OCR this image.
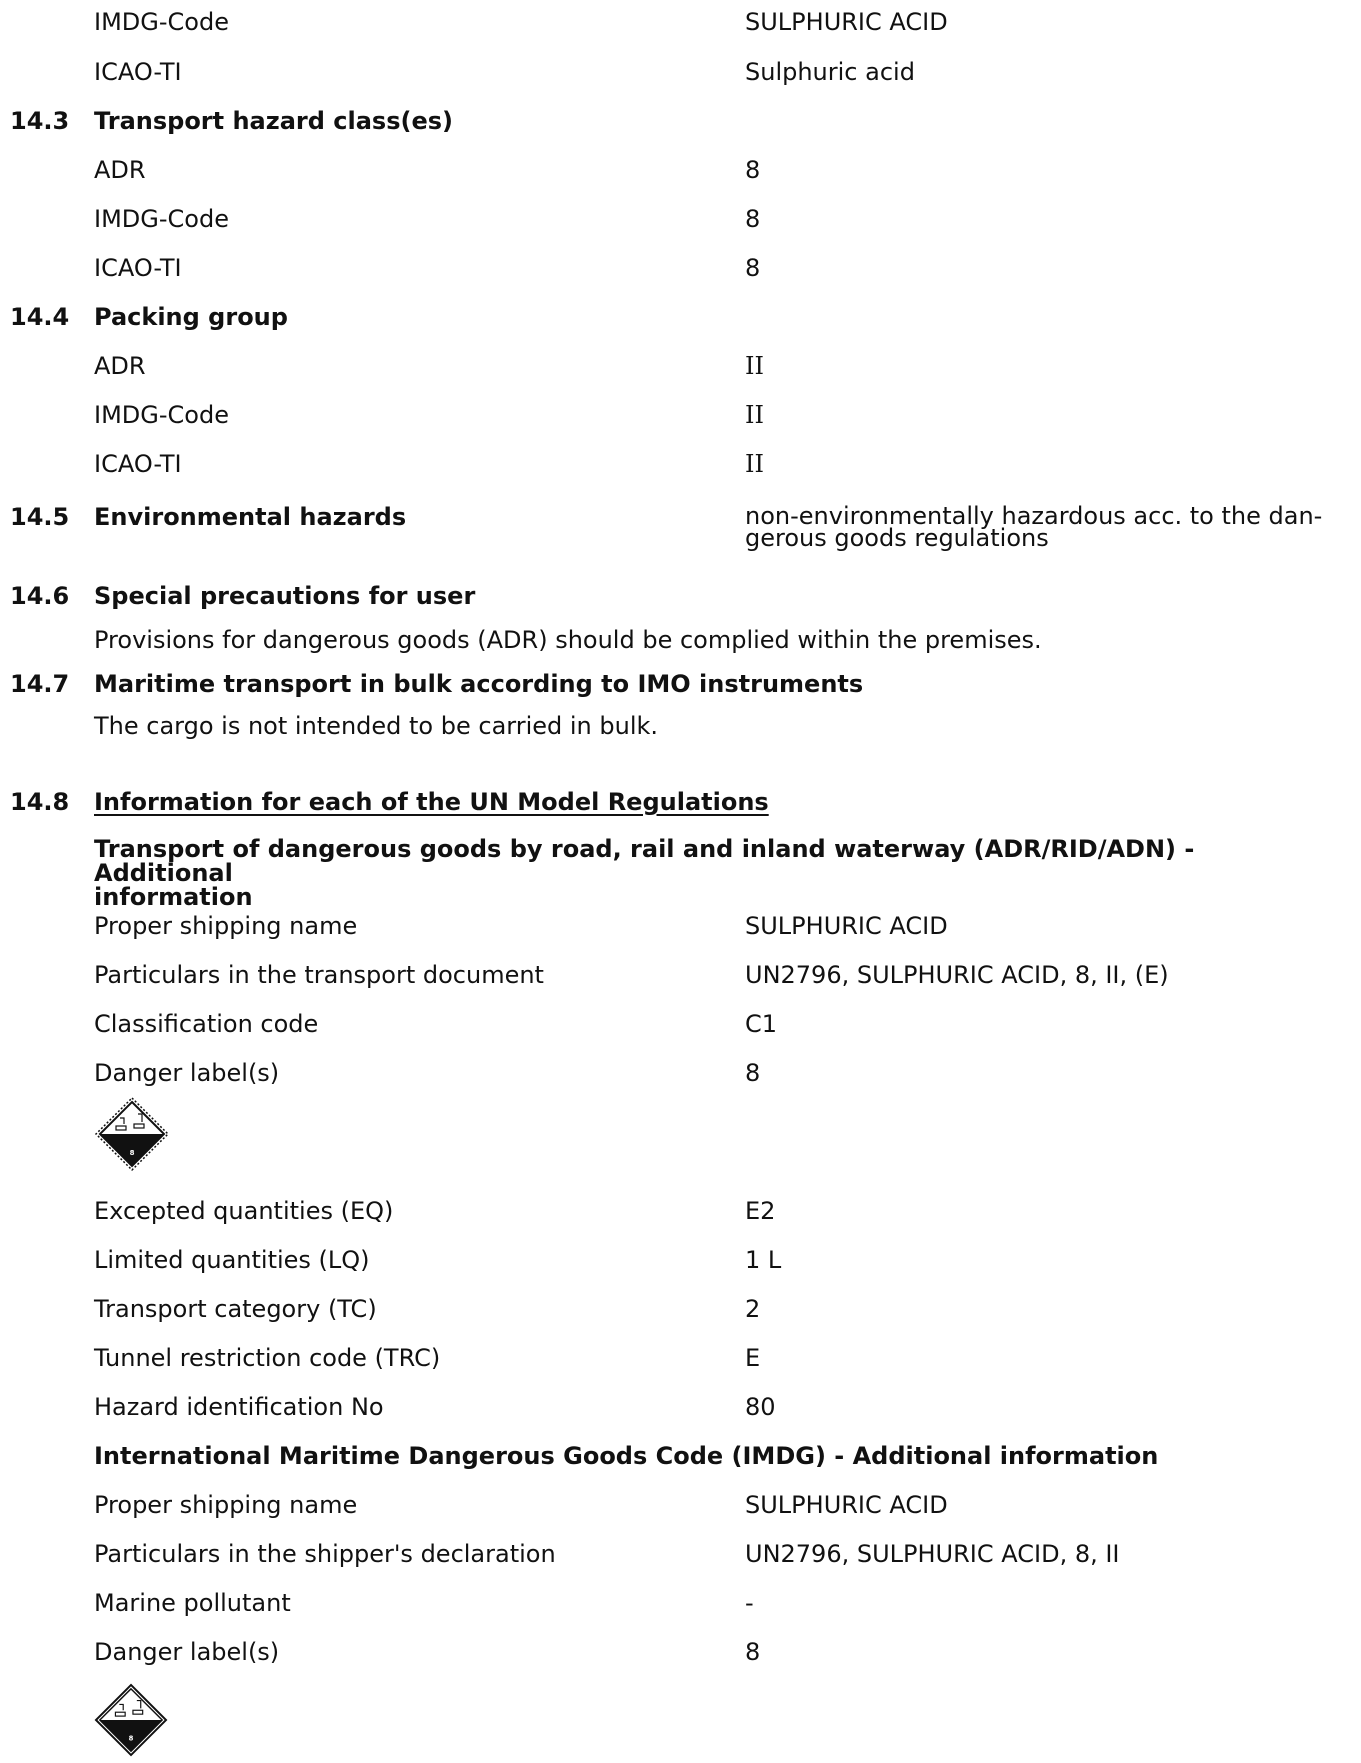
IMDG-Code	SULPHURIC ACID
ICAO-TI	Sulphuric acid
14.3 Transport hazard class(es)
ADR	8
IMDG-Code	8
ICAO-TI	8
14.4 Packing group
ADR	II
IMDG-Code	II
ICAO-TI	II
14.5 Environmental hazards	non-environmentally hazardous acc. to the dan-
gerous goods regulations
14.6 Special precautions for user
Provisions for dangerous goods (ADR) should be complied within the premises.
14.7 Maritime transport in bulk according to IMO instruments
The cargo is not intended to be carried in bulk.
14.8 Information for each of the UN Model Regulations
Transport of dangerous goods by road, rail and inland waterway (ADR/RID/ADN) - Additional
information
Proper shipping name	SULPHURIC ACID
Particulars in the transport document	UN2796, SULPHURIC ACID, 8, II, (E)
Classification code	C1
Danger label(s)	8
8
Excepted quantities (EQ)	E2
Limited quantities (LQ)	1 L
Transport category (TC)	2
Tunnel restriction code (TRC)	E
Hazard identification No	80
International Maritime Dangerous Goods Code (IMDG) - Additional information
Proper shipping name	SULPHURIC ACID
Particulars in the shipper's declaration	UN2796, SULPHURIC ACID, 8, II
Marine pollutant	-
Danger label(s)	8
8
